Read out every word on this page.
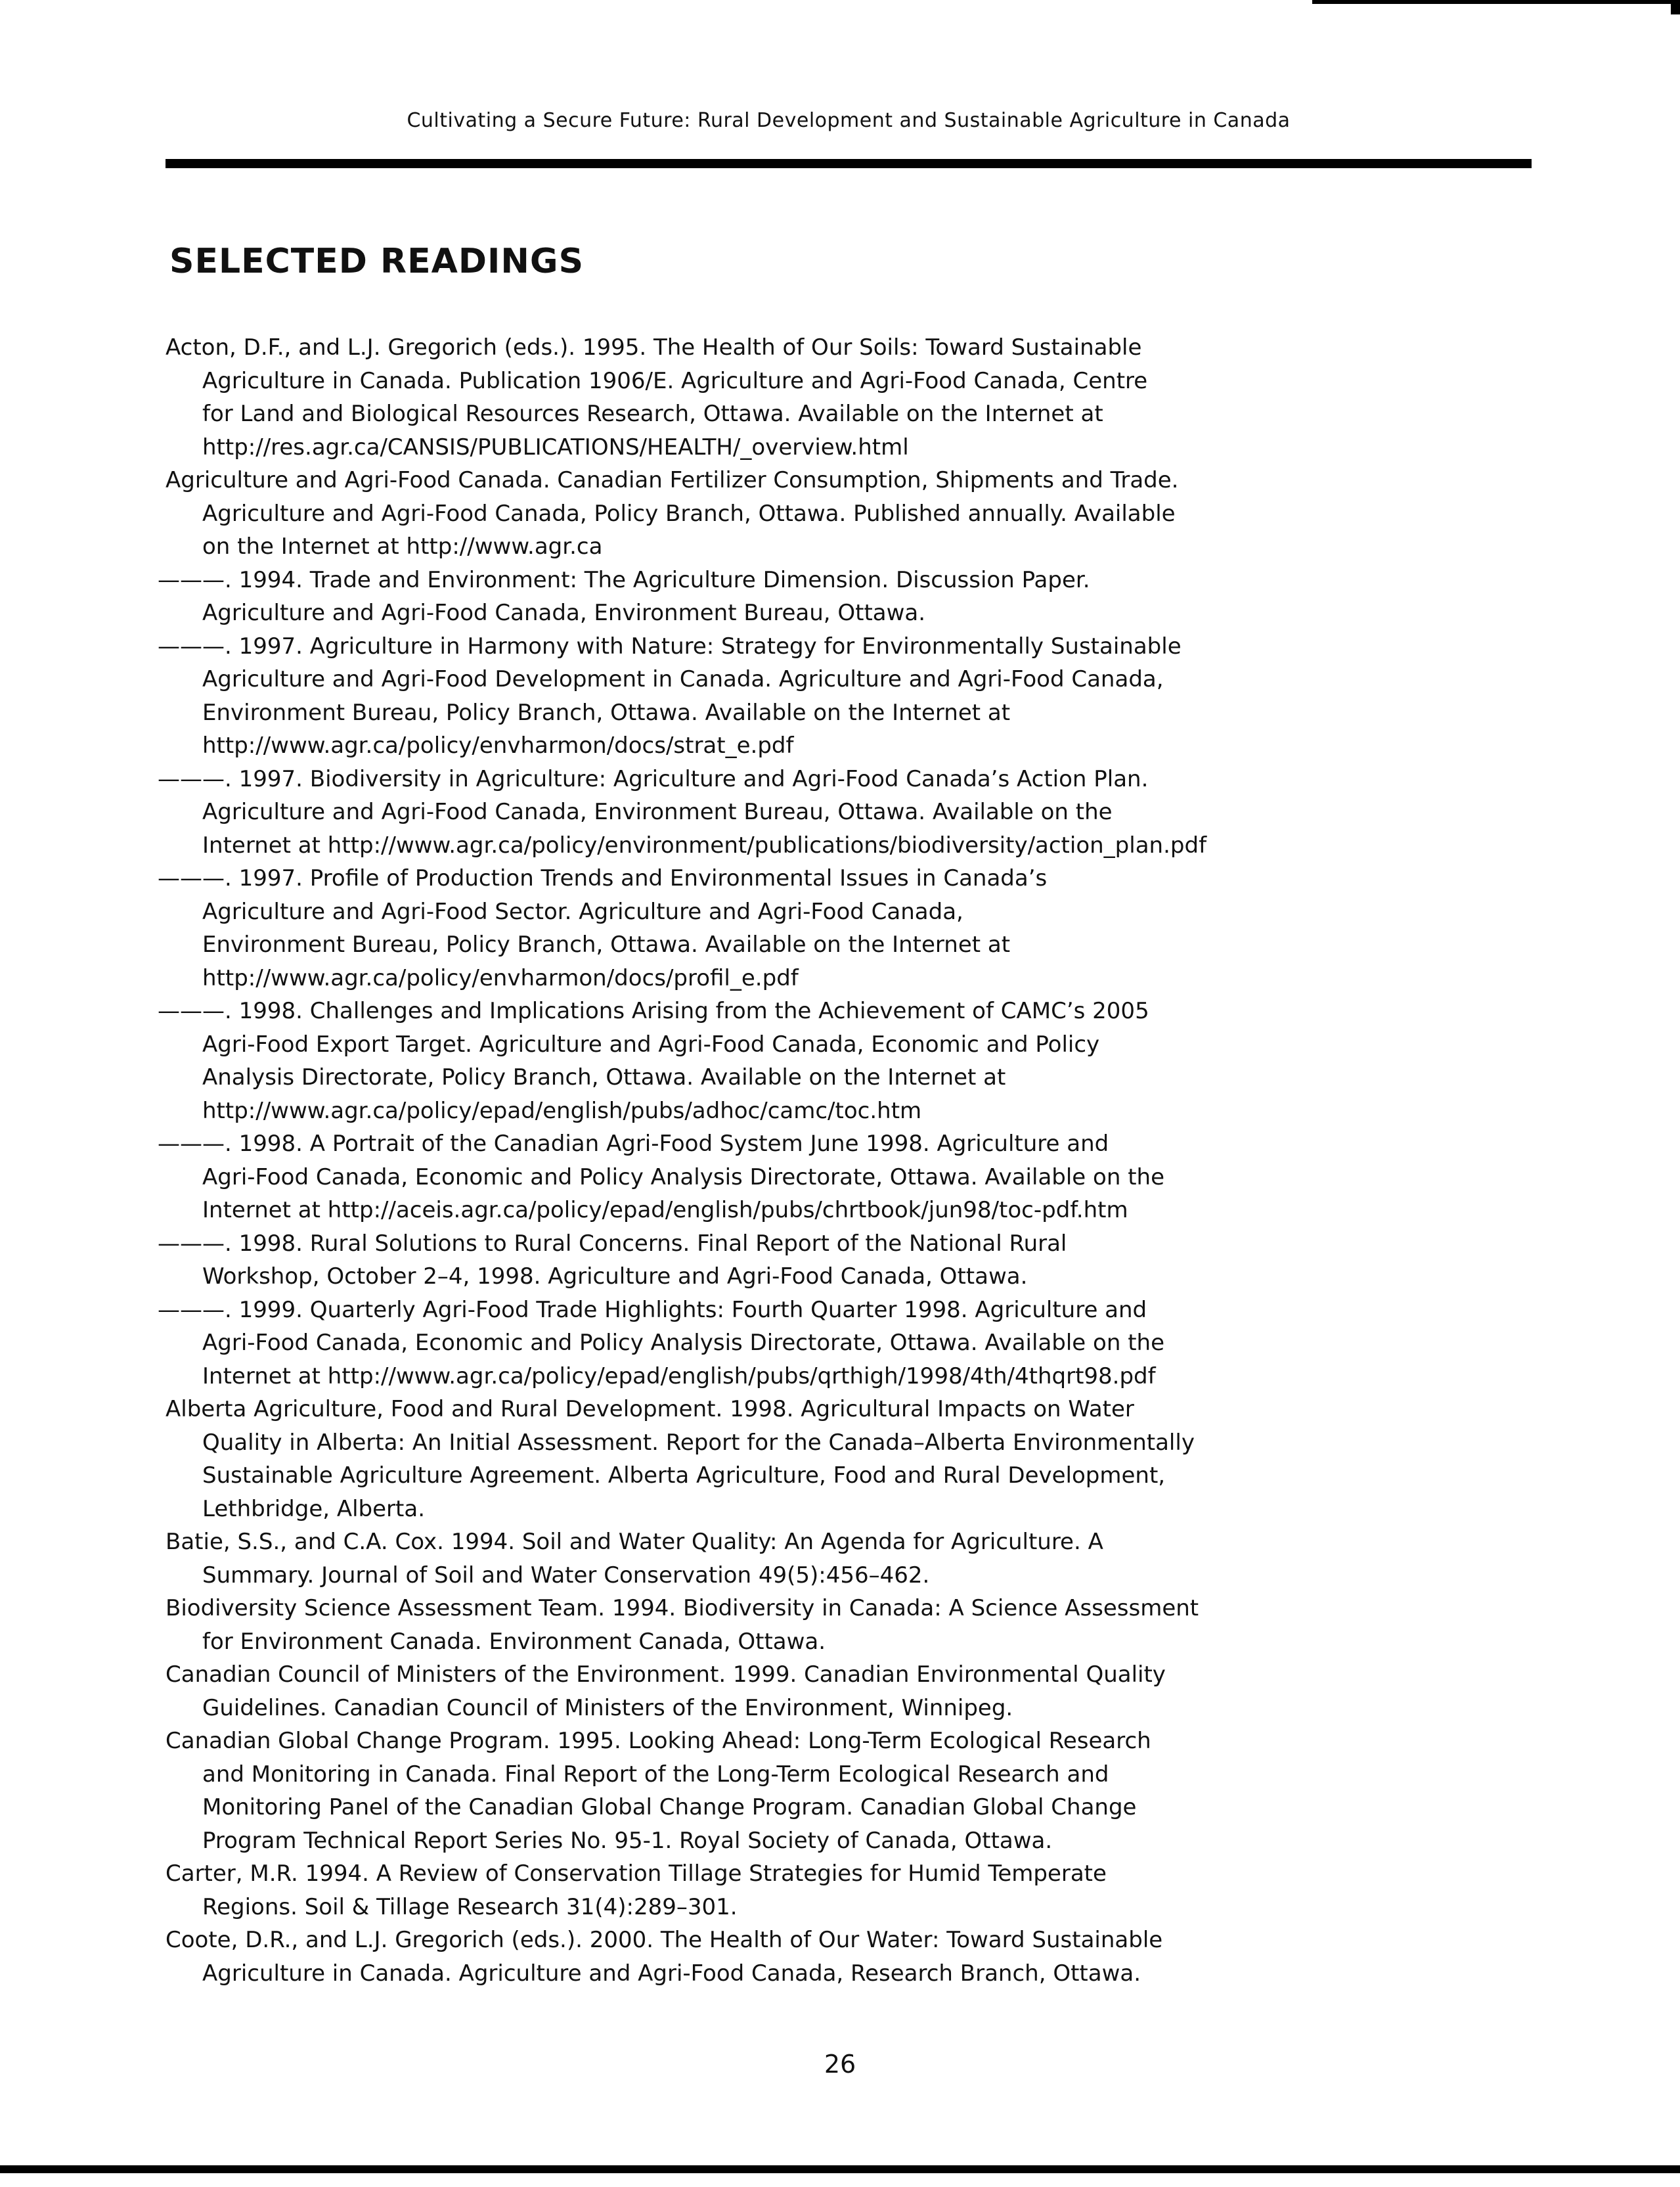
Cultivating a Secure Future: Rural Development and Sustainable Agriculture in Canada
SELECTED READINGS
Acton, D.F., and L.J. Gregorich (eds.). 1995. The Health of Our Soils: Toward Sustainable
Agriculture in Canada. Publication 1906/E. Agriculture and Agri-Food Canada, Centre
for Land and Biological Resources Research, Ottawa. Available on the Internet at
http://res.agr.ca/CANSIS/PUBLICATIONS/HEALTH/_overview.html
Agriculture and Agri-Food Canada. Canadian Fertilizer Consumption, Shipments and Trade.
Agriculture and Agri-Food Canada, Policy Branch, Ottawa. Published annually. Available
on the Internet at http://www.agr.ca
———. 1994. Trade and Environment: The Agriculture Dimension. Discussion Paper.
Agriculture and Agri-Food Canada, Environment Bureau, Ottawa.
———. 1997. Agriculture in Harmony with Nature: Strategy for Environmentally Sustainable
Agriculture and Agri-Food Development in Canada. Agriculture and Agri-Food Canada,
Environment Bureau, Policy Branch, Ottawa. Available on the Internet at
http://www.agr.ca/policy/envharmon/docs/strat_e.pdf
———. 1997. Biodiversity in Agriculture: Agriculture and Agri-Food Canada’s Action Plan.
Agriculture and Agri-Food Canada, Environment Bureau, Ottawa. Available on the
Internet at http://www.agr.ca/policy/environment/publications/biodiversity/action_plan.pdf
———. 1997. Profile of Production Trends and Environmental Issues in Canada’s
Agriculture and Agri-Food Sector. Agriculture and Agri-Food Canada,
Environment Bureau, Policy Branch, Ottawa. Available on the Internet at
http://www.agr.ca/policy/envharmon/docs/profil_e.pdf
———. 1998. Challenges and Implications Arising from the Achievement of CAMC’s 2005
Agri-Food Export Target. Agriculture and Agri-Food Canada, Economic and Policy
Analysis Directorate, Policy Branch, Ottawa. Available on the Internet at
http://www.agr.ca/policy/epad/english/pubs/adhoc/camc/toc.htm
———. 1998. A Portrait of the Canadian Agri-Food System June 1998. Agriculture and
Agri-Food Canada, Economic and Policy Analysis Directorate, Ottawa. Available on the
Internet at http://aceis.agr.ca/policy/epad/english/pubs/chrtbook/jun98/toc-pdf.htm
———. 1998. Rural Solutions to Rural Concerns. Final Report of the National Rural
Workshop, October 2–4, 1998. Agriculture and Agri-Food Canada, Ottawa.
———. 1999. Quarterly Agri-Food Trade Highlights: Fourth Quarter 1998. Agriculture and
Agri-Food Canada, Economic and Policy Analysis Directorate, Ottawa. Available on the
Internet at http://www.agr.ca/policy/epad/english/pubs/qrthigh/1998/4th/4thqrt98.pdf
Alberta Agriculture, Food and Rural Development. 1998. Agricultural Impacts on Water
Quality in Alberta: An Initial Assessment. Report for the Canada–Alberta Environmentally
Sustainable Agriculture Agreement. Alberta Agriculture, Food and Rural Development,
Lethbridge, Alberta.
Batie, S.S., and C.A. Cox. 1994. Soil and Water Quality: An Agenda for Agriculture. A
Summary. Journal of Soil and Water Conservation 49(5):456–462.
Biodiversity Science Assessment Team. 1994. Biodiversity in Canada: A Science Assessment
for Environment Canada. Environment Canada, Ottawa.
Canadian Council of Ministers of the Environment. 1999. Canadian Environmental Quality
Guidelines. Canadian Council of Ministers of the Environment, Winnipeg.
Canadian Global Change Program. 1995. Looking Ahead: Long-Term Ecological Research
and Monitoring in Canada. Final Report of the Long-Term Ecological Research and
Monitoring Panel of the Canadian Global Change Program. Canadian Global Change
Program Technical Report Series No. 95-1. Royal Society of Canada, Ottawa.
Carter, M.R. 1994. A Review of Conservation Tillage Strategies for Humid Temperate
Regions. Soil & Tillage Research 31(4):289–301.
Coote, D.R., and L.J. Gregorich (eds.). 2000. The Health of Our Water: Toward Sustainable
Agriculture in Canada. Agriculture and Agri-Food Canada, Research Branch, Ottawa.
26
